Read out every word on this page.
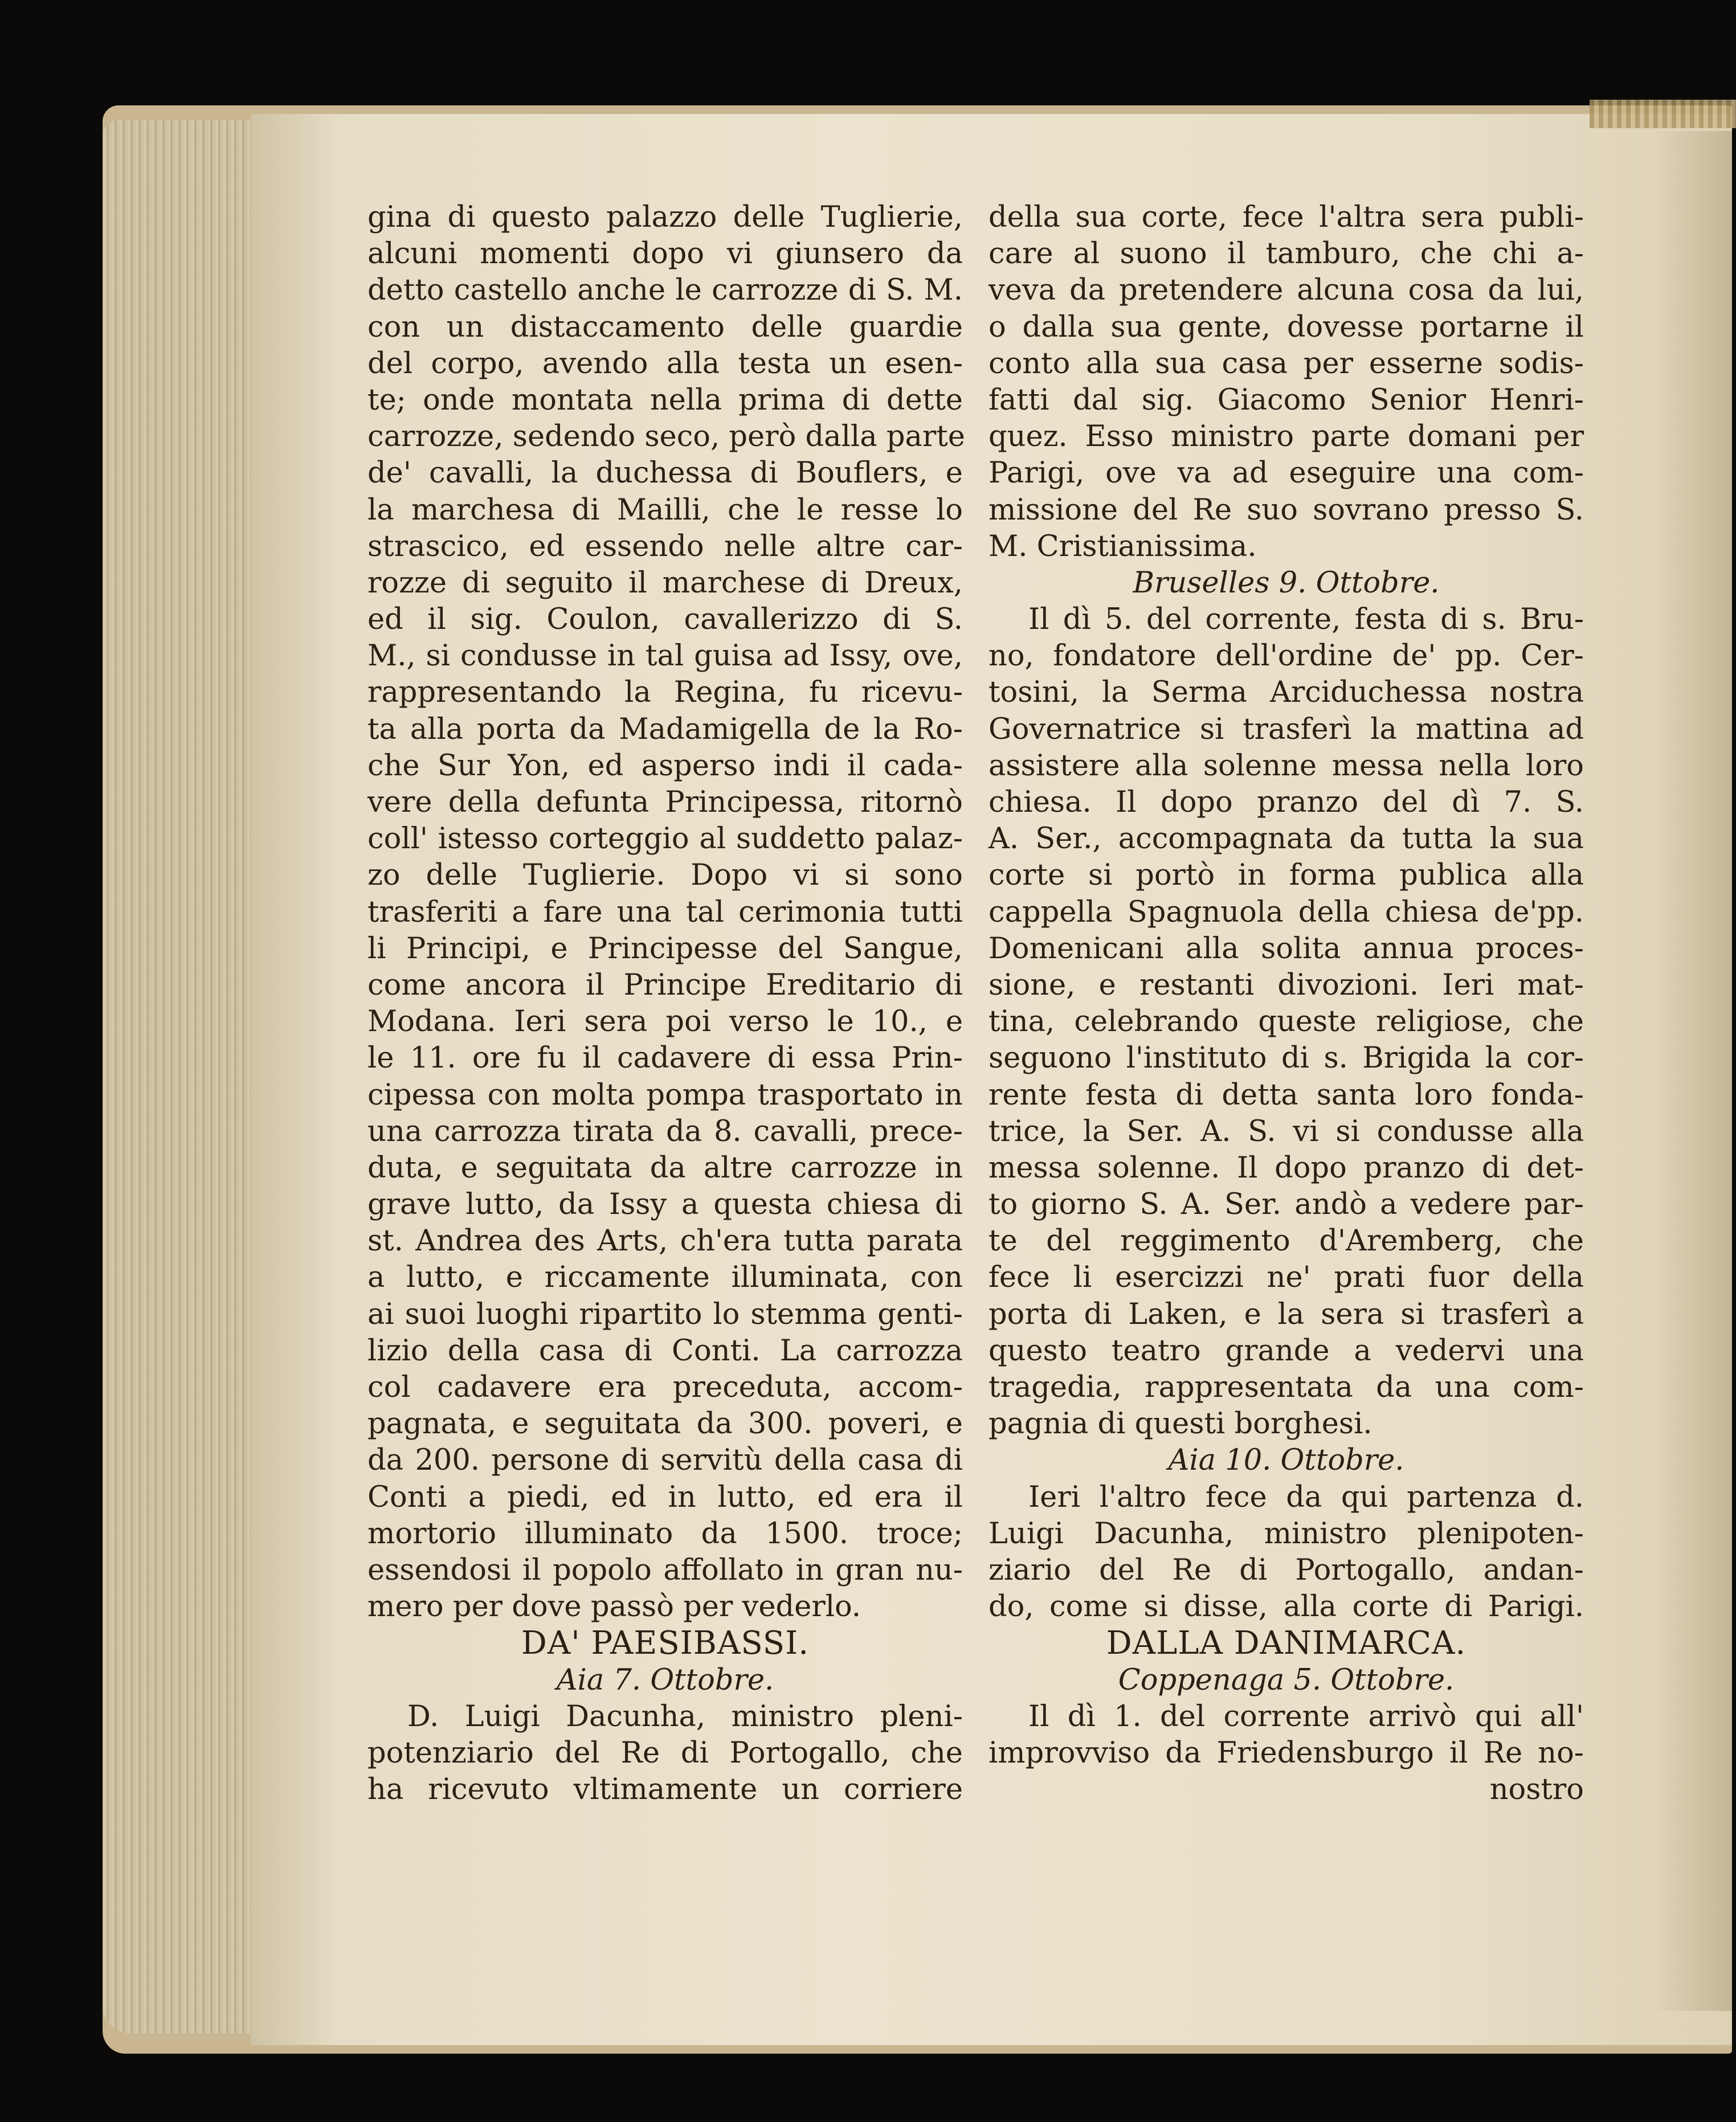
gina di questo palazzo delle Tuglierie,
alcuni momenti dopo vi giunsero da
detto castello anche le carrozze di S. M.
con un distaccamento delle guardie
del corpo, avendo alla testa un esen-
te; onde montata nella prima di dette
carrozze, sedendo seco, però dalla parte
de' cavalli, la duchessa di Bouflers, e
la marchesa di Mailli, che le resse lo
strascico, ed essendo nelle altre car-
rozze di seguito il marchese di Dreux,
ed il sig. Coulon, cavallerizzo di S.
M., si condusse in tal guisa ad Issy, ove,
rappresentando la Regina, fu ricevu-
ta alla porta da Madamigella de la Ro-
che Sur Yon, ed asperso indi il cada-
vere della defunta Principessa, ritornò
coll' istesso corteggio al suddetto palaz-
zo delle Tuglierie. Dopo vi si sono
trasferiti a fare una tal cerimonia tutti
li Principi, e Principesse del Sangue,
come ancora il Principe Ereditario di
Modana. Ieri sera poi verso le 10., e
le 11. ore fu il cadavere di essa Prin-
cipessa con molta pompa trasportato in
una carrozza tirata da 8. cavalli, prece-
duta, e seguitata da altre carrozze in
grave lutto, da Issy a questa chiesa di
st. Andrea des Arts, ch'era tutta parata
a lutto, e riccamente illuminata, con
ai suoi luoghi ripartito lo stemma genti-
lizio della casa di Conti. La carrozza
col cadavere era preceduta, accom-
pagnata, e seguitata da 300. poveri, e
da 200. persone di servitù della casa di
Conti a piedi, ed in lutto, ed era il
mortorio illuminato da 1500. troce;
essendosi il popolo affollato in gran nu-
mero per dove passò per vederlo.
DA' PAESIBASSI.
Aia 7. Ottobre.
D. Luigi Dacunha, ministro pleni-
potenziario del Re di Portogallo, che
ha ricevuto vltimamente un corriere
della sua corte, fece l'altra sera publi-
care al suono il tamburo, che chi a-
veva da pretendere alcuna cosa da lui,
o dalla sua gente, dovesse portarne il
conto alla sua casa per esserne sodis-
fatti dal sig. Giacomo Senior Henri-
quez. Esso ministro parte domani per
Parigi, ove va ad eseguire una com-
missione del Re suo sovrano presso S.
M. Cristianissima.
Bruselles 9. Ottobre.
Il dì 5. del corrente, festa di s. Bru-
no, fondatore dell'ordine de' pp. Cer-
tosini, la Serma Arciduchessa nostra
Governatrice si trasferì la mattina ad
assistere alla solenne messa nella loro
chiesa. Il dopo pranzo del dì 7. S.
A. Ser., accompagnata da tutta la sua
corte si portò in forma publica alla
cappella Spagnuola della chiesa de'pp.
Domenicani alla solita annua proces-
sione, e restanti divozioni. Ieri mat-
tina, celebrando queste religiose, che
seguono l'instituto di s. Brigida la cor-
rente festa di detta santa loro fonda-
trice, la Ser. A. S. vi si condusse alla
messa solenne. Il dopo pranzo di det-
to giorno S. A. Ser. andò a vedere par-
te del reggimento d'Aremberg, che
fece li esercizzi ne' prati fuor della
porta di Laken, e la sera si trasferì a
questo teatro grande a vedervi una
tragedia, rappresentata da una com-
pagnia di questi borghesi.
Aia 10. Ottobre.
Ieri l'altro fece da qui partenza d.
Luigi Dacunha, ministro plenipoten-
ziario del Re di Portogallo, andan-
do, come si disse, alla corte di Parigi.
DALLA DANIMARCA.
Coppenaga 5. Ottobre.
Il dì 1. del corrente arrivò qui all'
improvviso da Friedensburgo il Re no-
nostro
